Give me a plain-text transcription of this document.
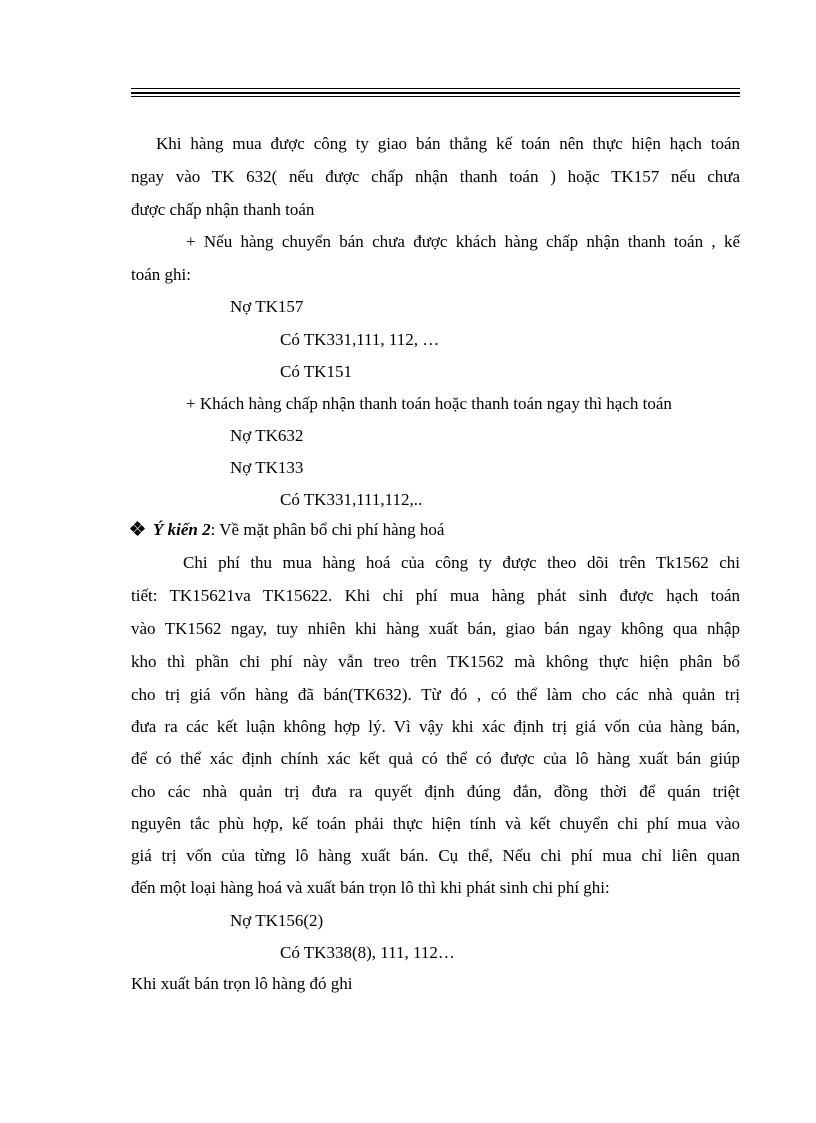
Khi hàng mua được công ty giao bán thẳng kế toán nên thực hiện hạch toán
ngay vào TK 632( nếu được chấp nhận thanh toán ) hoặc TK157 nếu chưa
được chấp nhận thanh toán
+ Nếu hàng chuyển bán chưa được khách hàng chấp nhận thanh toán , kế
toán ghi:
Nợ TK157
Có TK331,111, 112, …
Có TK151
+ Khách hàng chấp nhận thanh toán hoặc thanh toán ngay thì hạch toán
Nợ TK632
Nợ TK133
Có TK331,111,112,..
Ý kiến 2: Về mặt phân bổ chi phí hàng hoá
Chi phí thu mua hàng hoá của công ty được theo dõi trên Tk1562 chi
tiết: TK15621va TK15622. Khi chi phí mua hàng phát sinh được hạch toán
vào TK1562 ngay, tuy nhiên khi hàng xuất bán, giao bán ngay không qua nhập
kho thì phần chi phí này vẫn treo trên TK1562 mà không thực hiện phân bổ
cho trị giá vốn hàng đã bán(TK632). Từ đó , có thể làm cho các nhà quản trị
đưa ra các kết luận không hợp lý. Vì vậy khi xác định trị giá vốn của hàng bán,
để có thể xác định chính xác kết quả có thể có được của lô hàng xuất bán giúp
cho các nhà quản trị đưa ra quyết định đúng đắn, đồng thời để quán triệt
nguyên tắc phù hợp, kế toán phải thực hiện tính và kết chuyển chi phí mua vào
giá trị vốn của từng lô hàng xuất bán. Cụ thể, Nếu chi phí mua chỉ liên quan
đến một loại hàng hoá và xuất bán trọn lô thì khi phát sinh chi phí ghi:
Nợ TK156(2)
Có TK338(8), 111, 112…
Khi xuất bán trọn lô hàng đó ghi
